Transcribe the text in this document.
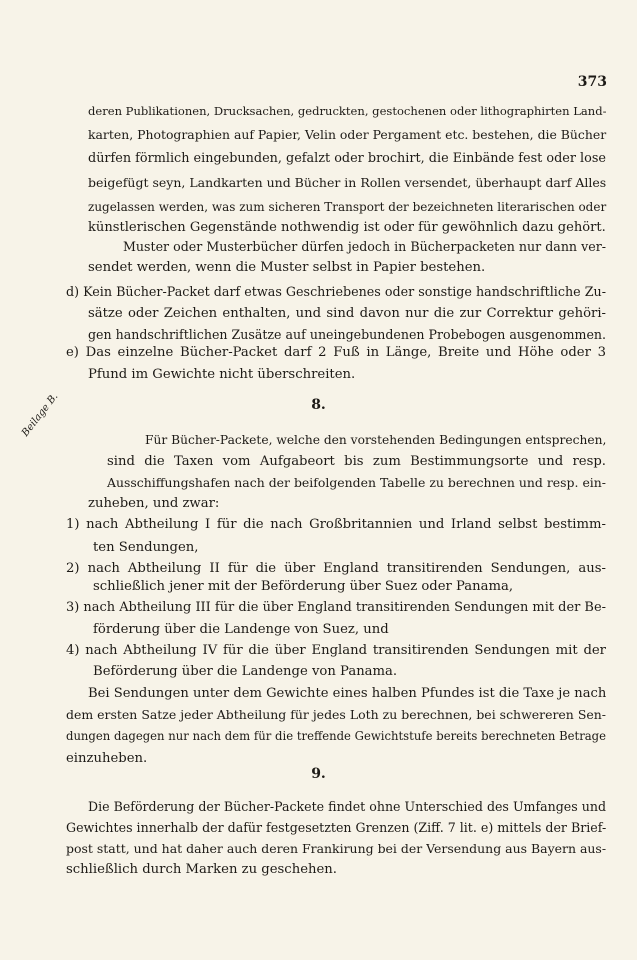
373
Beilage B.
deren Publikationen, Drucksachen, gedruckten, gestochenen oder lithographirten Land-
karten, Photographien auf Papier, Velin oder Pergament etc. bestehen, die Bücher
dürfen förmlich eingebunden, gefalzt oder brochirt, die Einbände fest oder lose
beigefügt seyn, Landkarten und Bücher in Rollen versendet, überhaupt darf Alles
zugelassen werden, was zum sicheren Transport der bezeichneten literarischen oder
künstlerischen Gegenstände nothwendig ist oder für gewöhnlich dazu gehört.
Muster oder Musterbücher dürfen jedoch in Bücherpacketen nur dann ver-
sendet werden, wenn die Muster selbst in Papier bestehen.
d) Kein Bücher-Packet darf etwas Geschriebenes oder sonstige handschriftliche Zu-
sätze oder Zeichen enthalten, und sind davon nur die zur Correktur gehöri-
gen handschriftlichen Zusätze auf uneingebundenen Probebogen ausgenommen.
e) Das einzelne Bücher-Packet darf 2 Fuß in Länge, Breite und Höhe oder 3
Pfund im Gewichte nicht überschreiten.
8.
Für Bücher-Packete, welche den vorstehenden Bedingungen entsprechen,
sind die Taxen vom Aufgabeort bis zum Bestimmungsorte und resp.
Ausschiffungshafen nach der beifolgenden Tabelle zu berechnen und resp. ein-
zuheben, und zwar:
1) nach Abtheilung I für die nach Großbritannien und Irland selbst bestimm-
ten Sendungen,
2) nach Abtheilung II für die über England transitirenden Sendungen, aus-
schließlich jener mit der Beförderung über Suez oder Panama,
3) nach Abtheilung III für die über England transitirenden Sendungen mit der Be-
förderung über die Landenge von Suez, und
4) nach Abtheilung IV für die über England transitirenden Sendungen mit der
Beförderung über die Landenge von Panama.
Bei Sendungen unter dem Gewichte eines halben Pfundes ist die Taxe je nach
dem ersten Satze jeder Abtheilung für jedes Loth zu berechnen, bei schwereren Sen-
dungen dagegen nur nach dem für die treffende Gewichtstufe bereits berechneten Betrage
einzuheben.
9.
Die Beförderung der Bücher-Packete findet ohne Unterschied des Umfanges und
Gewichtes innerhalb der dafür festgesetzten Grenzen (Ziff. 7 lit. e) mittels der Brief-
post statt, und hat daher auch deren Frankirung bei der Versendung aus Bayern aus-
schließlich durch Marken zu geschehen.
